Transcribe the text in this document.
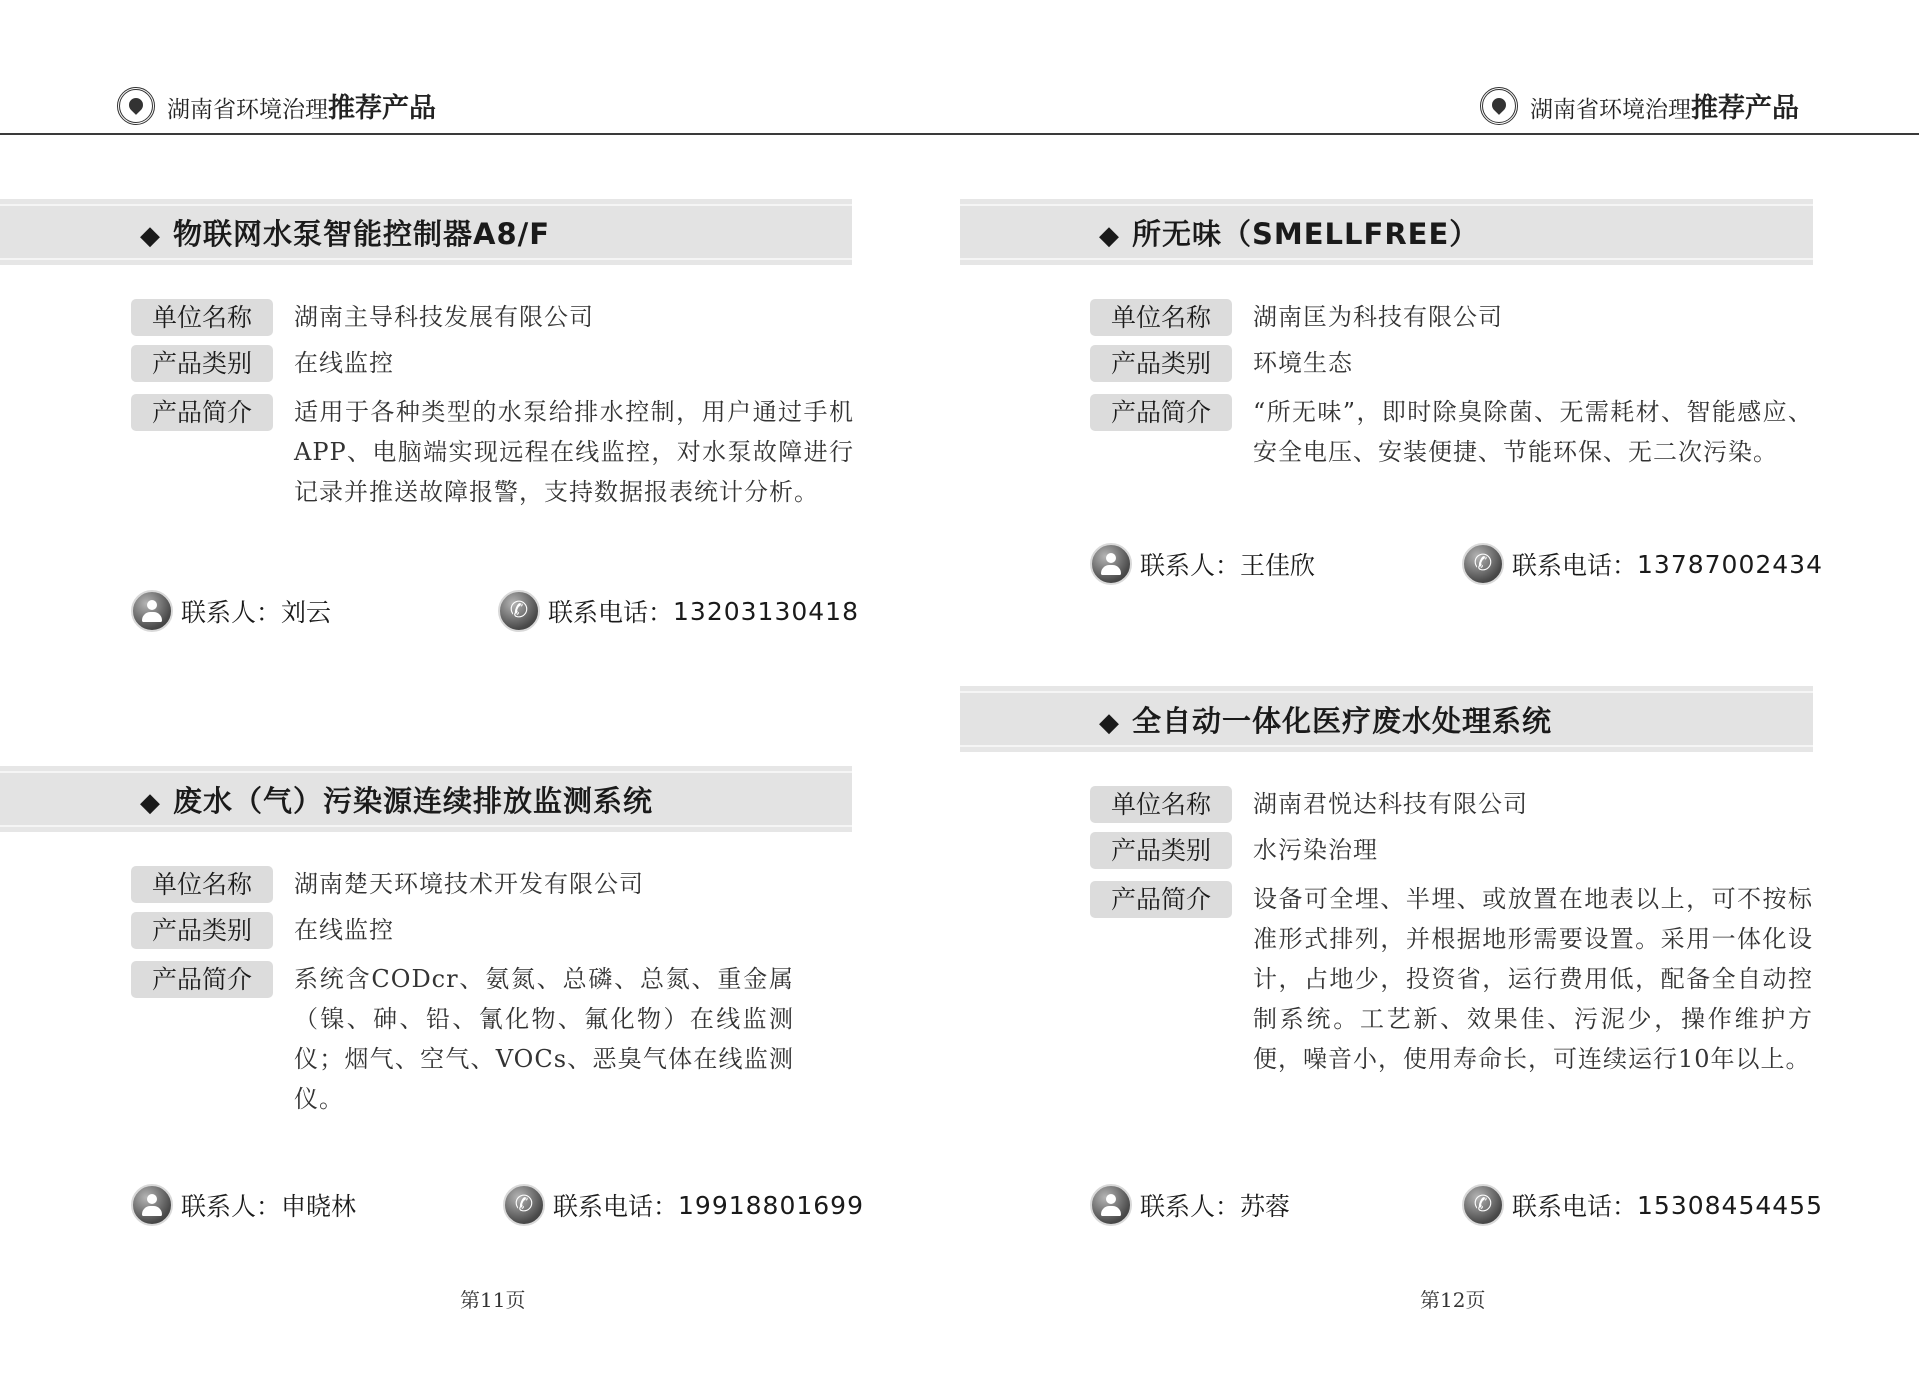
湖南省环境治理推荐产品	湖南省环境治理推荐产品
◆ 物联网水泵智能控制器A8/F
单位名称	湖南主导科技发展有限公司
产品类别	在线监控
产品简介	适用于各种类型的水泵给排水控制，用户通过手机APP、电脑端实现远程在线监控，对水泵故障进行记录并推送故障报警，支持数据报表统计分析。
联系人： 刘云	✆ 联系电话： 13203130418
◆ 废水（气）污染源连续排放监测系统
单位名称	湖南楚天环境技术开发有限公司
产品类别	在线监控
产品简介	系统含CODcr、氨氮、总磷、总氮、重金属（镍、砷、铅、氰化物、氟化物）在线监测仪；烟气、空气、VOCs、恶臭气体在线监测仪。
联系人： 申晓林	✆ 联系电话： 19918801699
◆ 所无味（SMELLFREE）
单位名称	湖南匡为科技有限公司
产品类别	环境生态
产品简介	“所无味”，即时除臭除菌、无需耗材、智能感应、安全电压、安装便捷、节能环保、无二次污染。
联系人： 王佳欣	✆ 联系电话： 13787002434
◆ 全自动一体化医疗废水处理系统
单位名称	湖南君悦达科技有限公司
产品类别	水污染治理
产品简介	设备可全埋、半埋、或放置在地表以上，可不按标准形式排列，并根据地形需要设置。采用一体化设计，占地少，投资省，运行费用低，配备全自动控制系统。工艺新、效果佳、污泥少，操作维护方便，噪音小，使用寿命长，可连续运行10年以上。
联系人： 苏蓉	✆ 联系电话： 15308454455
第11页	第12页
